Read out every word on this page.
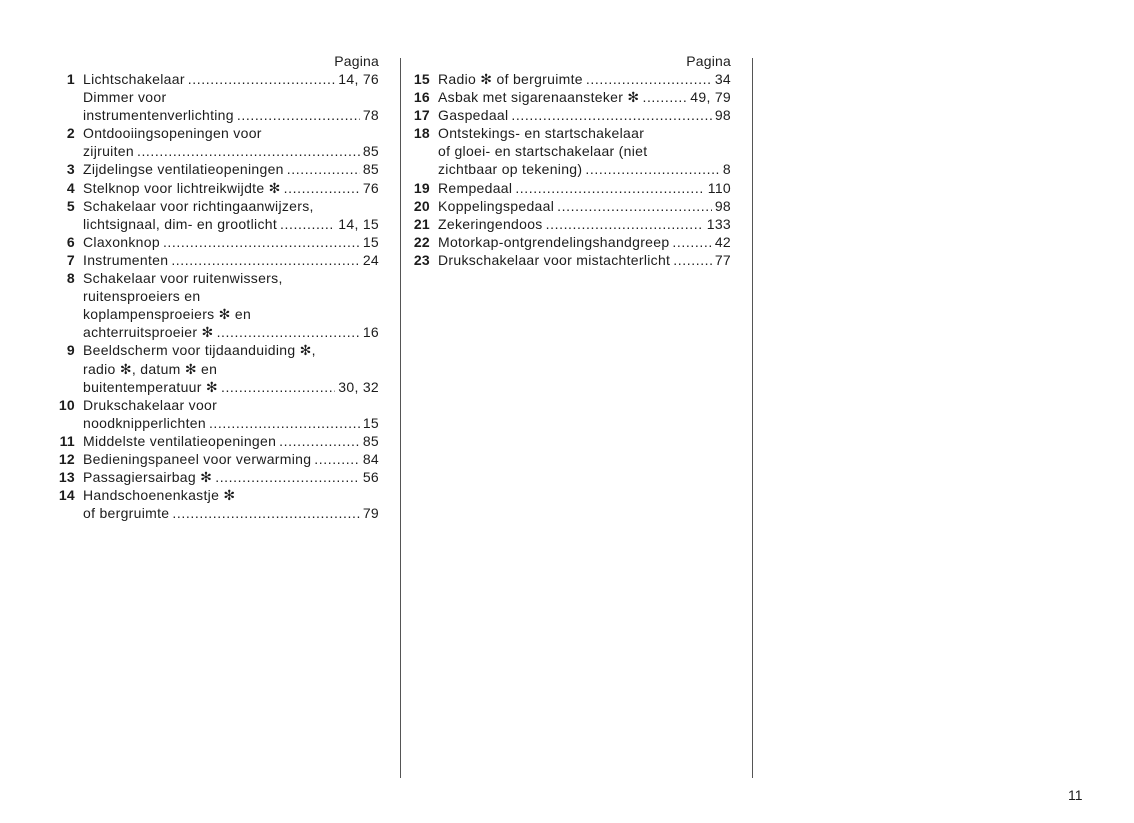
Pagina
1 Lichtschakelaar .....	14, 76
Dimmer voor
instrumentenverlichting .....	78
2 Ontdooiingsopeningen voor
zijruiten .....	85
3 Zijdelingse ventilatieopeningen .....	85
4 Stelknop voor lichtreikwijdte ✻ .....	76
5 Schakelaar voor richtingaanwijzers,
lichtsignaal, dim- en grootlicht .....	14, 15
6 Claxonknop .....	15
7 Instrumenten .....	24
8 Schakelaar voor ruitenwissers,
ruitensproeiers en
koplampensproeiers ✻ en
achterruitsproeier ✻ .....	16
9 Beeldscherm voor tijdaanduiding ✻,
radio ✻, datum ✻ en
buitentemperatuur ✻ .....	30, 32
10 Drukschakelaar voor
noodknipperlichten .....	15
11 Middelste ventilatieopeningen .....	85
12 Bedieningspaneel voor verwarming .....	84
13 Passagiersairbag ✻ .....	56
14 Handschoenenkastje ✻
of bergruimte .....	79
Pagina
15 Radio ✻ of bergruimte .....	34
16 Asbak met sigarenaansteker ✻ .....	49, 79
17 Gaspedaal .....	98
18 Ontstekings- en startschakelaar
of gloei- en startschakelaar (niet
zichtbaar op tekening) .....	8
19 Rempedaal .....	110
20 Koppelingspedaal .....	98
21 Zekeringendoos .....	133
22 Motorkap-ontgrendelingshandgreep .....	42
23 Drukschakelaar voor mistachterlicht .....	77
11
